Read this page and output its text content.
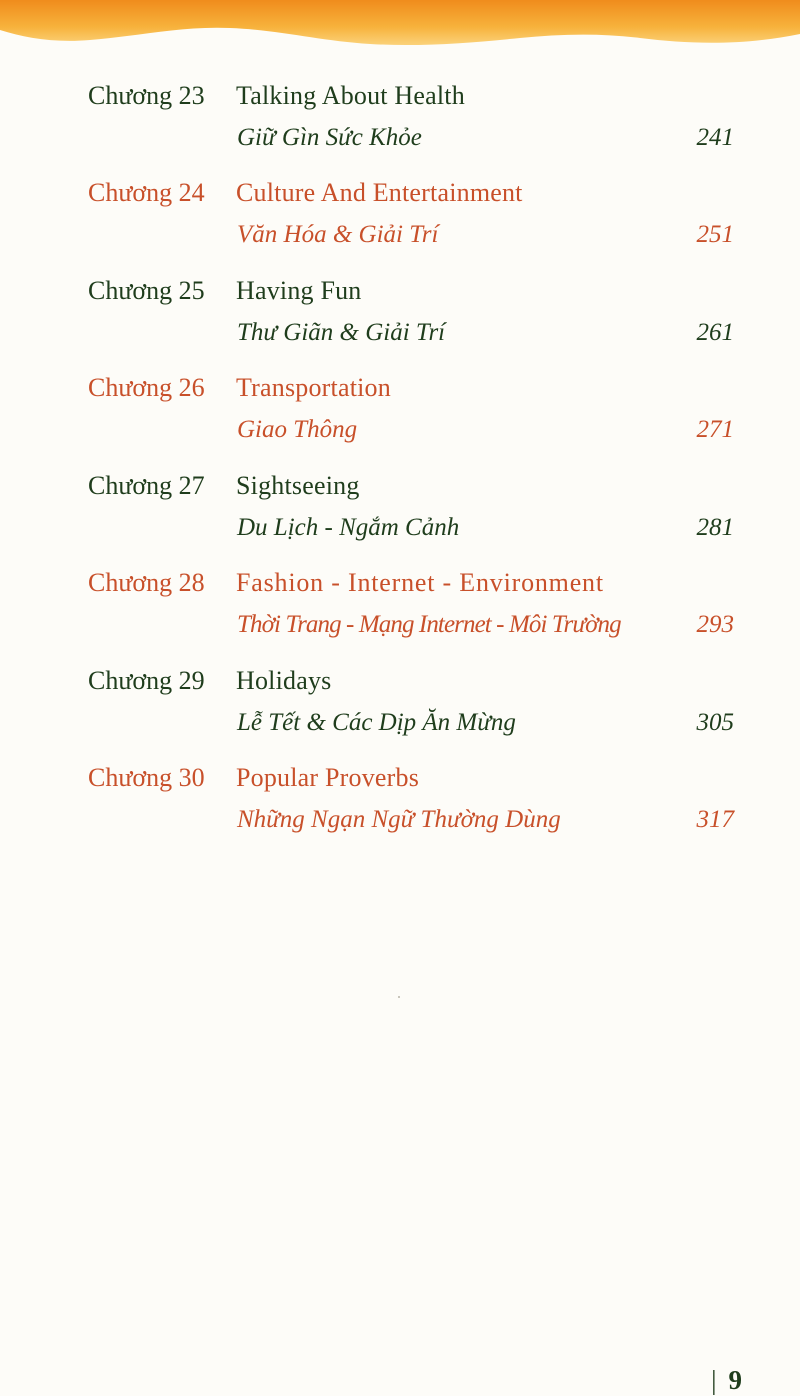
Chương 23 Talking About Health
Giữ Gìn Sức Khỏe	241
Chương 24 Culture And Entertainment
Văn Hóa & Giải Trí	251
Chương 25 Having Fun
Thư Giãn & Giải Trí	261
Chương 26 Transportation
Giao Thông	271
Chương 27 Sightseeing
Du Lịch - Ngắm Cảnh	281
Chương 28 Fashion - Internet - Environment
Thời Trang - Mạng Internet - Môi Trường	293
Chương 29 Holidays
Lễ Tết & Các Dịp Ăn Mừng	305
Chương 30 Popular Proverbs
Những Ngạn Ngữ Thường Dùng	317
| 9
